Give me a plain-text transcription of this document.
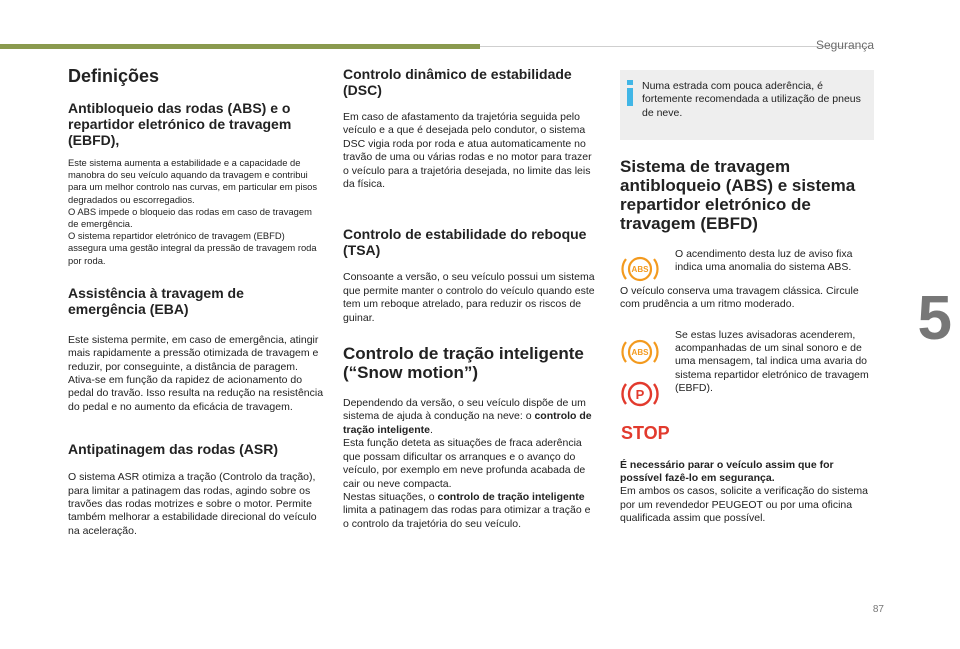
Segurança
5
87
Definições
Antibloqueio das rodas (ABS) e o repartidor eletrónico de travagem (EBFD),

Este sistema aumenta a estabilidade e a capacidade de manobra do seu veículo aquando da travagem e contribui para um melhor controlo nas curvas, em particular em pisos degradados ou escorregadios.
O ABS impede o bloqueio das rodas em caso de travagem de emergência.
O sistema repartidor eletrónico de travagem (EBFD) assegura uma gestão integral da pressão de travagem roda por roda.

Assistência à travagem de emergência (EBA)

Este sistema permite, em caso de emergência, atingir mais rapidamente a pressão otimizada de travagem e reduzir, por conseguinte, a distância de paragem.
Ativa-se em função da rapidez de acionamento do pedal do travão. Isso resulta na redução na resistência do pedal e no aumento da eficácia de travagem.

Antipatinagem das rodas (ASR)

O sistema ASR otimiza a tração (Controlo da tração), para limitar a patinagem das rodas, agindo sobre os travões das rodas motrizes e sobre o motor. Permite também melhorar a estabilidade direcional do veículo na aceleração.

Controlo dinâmico de estabilidade (DSC)

Em caso de afastamento da trajetória seguida pelo veículo e a que é desejada pelo condutor, o sistema DSC vigia roda por roda e atua automaticamente no travão de uma ou várias rodas e no motor para trazer o veículo para a trajetória desejada, no limite das leis da física.

Controlo de estabilidade do reboque (TSA)

Consoante a versão, o seu veículo possui um sistema que permite manter o controlo do veículo quando este tem um reboque atrelado, para reduzir os riscos de guinar.

Controlo de tração inteligente (“Snow motion”)

Dependendo da versão, o seu veículo dispõe de um sistema de ajuda à condução na neve: o controlo de tração inteligente.
Esta função deteta as situações de fraca aderência que possam dificultar os arranques e o avanço do veículo, por exemplo em neve profunda acabada de cair ou neve compacta.
Nestas situações, o controlo de tração inteligente limita a patinagem das rodas para otimizar a tração e o controlo da trajetória do seu veículo.

Numa estrada com pouca aderência, é fortemente recomendada a utilização de pneus de neve.

Sistema de travagem antibloqueio (ABS) e sistema repartidor eletrónico de travagem (EBFD)
ABS

O acendimento desta luz de aviso fixa indica uma anomalia do sistema ABS.

O veículo conserva uma travagem clássica. Circule com prudência a um ritmo moderado.

ABS
P
STOP

Se estas luzes avisadoras acenderem, acompanhadas de um sinal sonoro e de uma mensagem, tal indica uma avaria do sistema repartidor eletrónico de travagem (EBFD).

É necessário parar o veículo assim que for possível fazê-lo em segurança.
Em ambos os casos, solicite a verificação do sistema por um revendedor PEUGEOT ou por uma oficina qualificada assim que possível.
